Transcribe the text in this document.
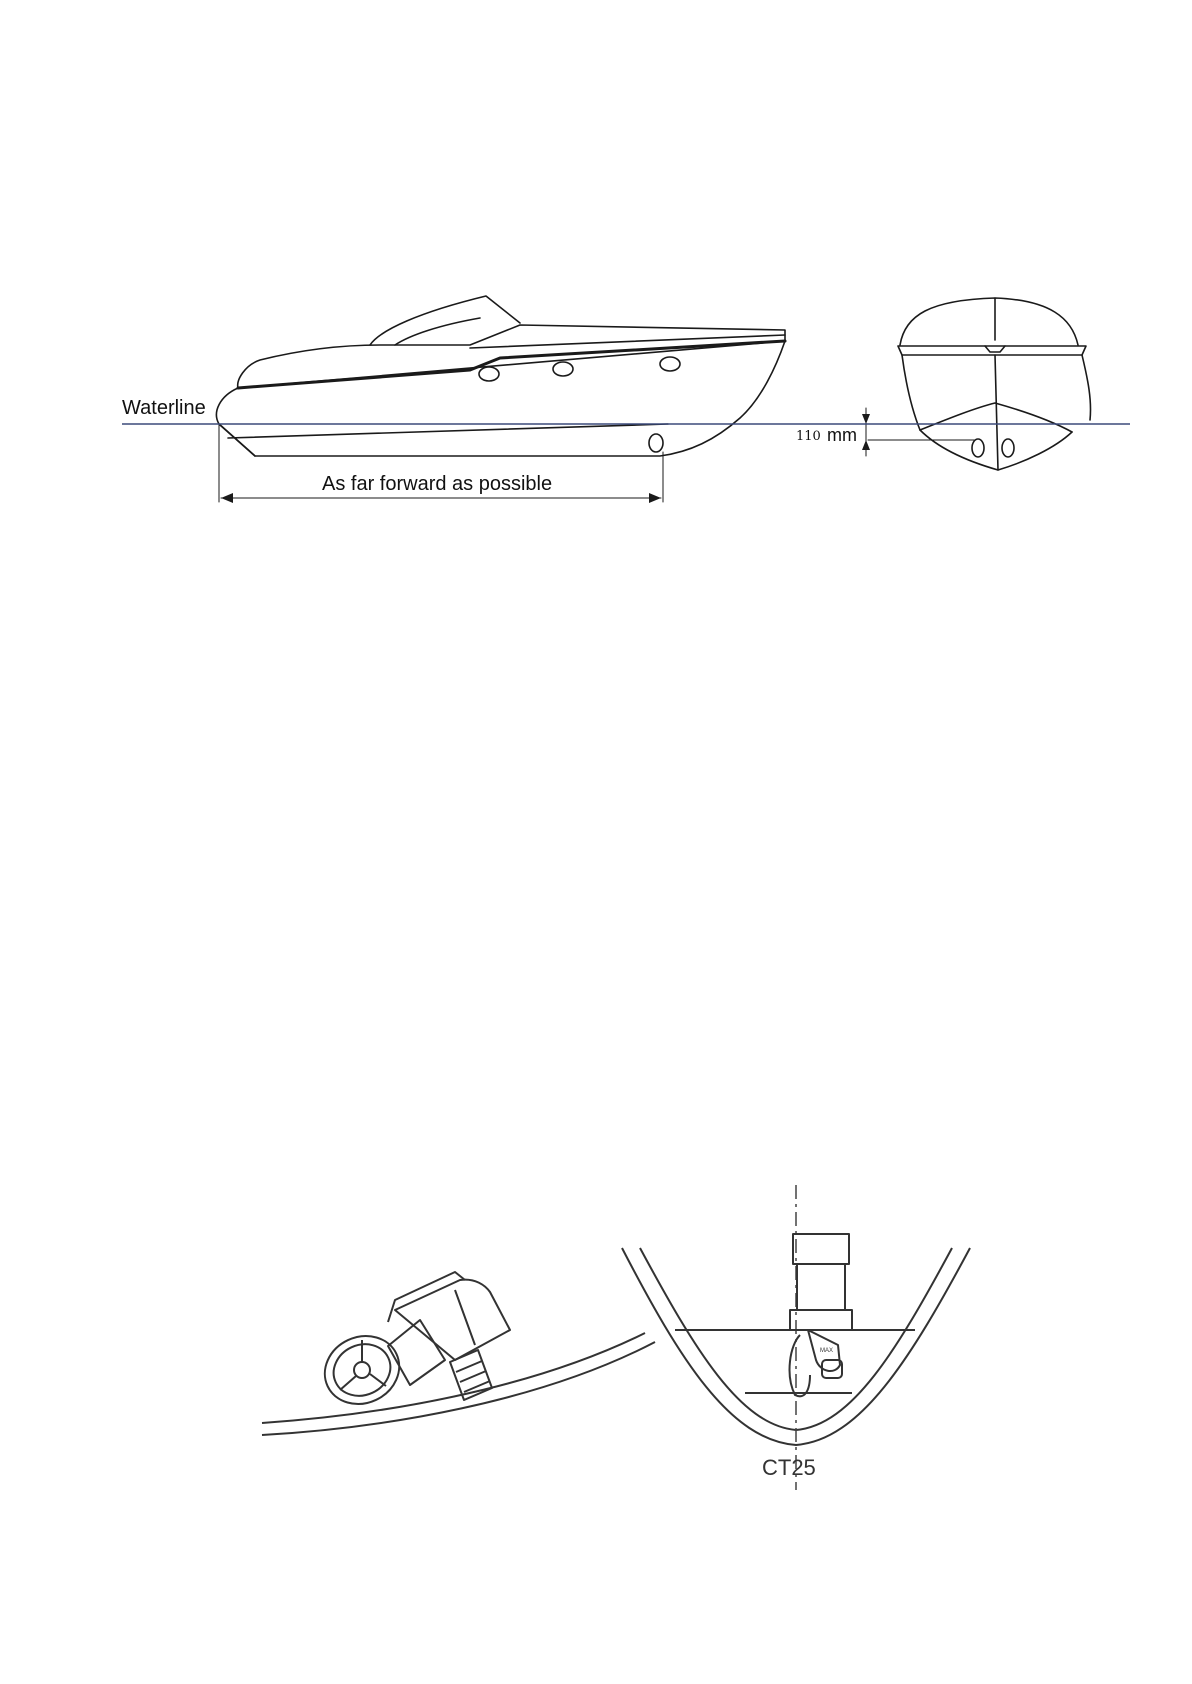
MAX
Waterline
As far forward as possible
110 mm
CT25
